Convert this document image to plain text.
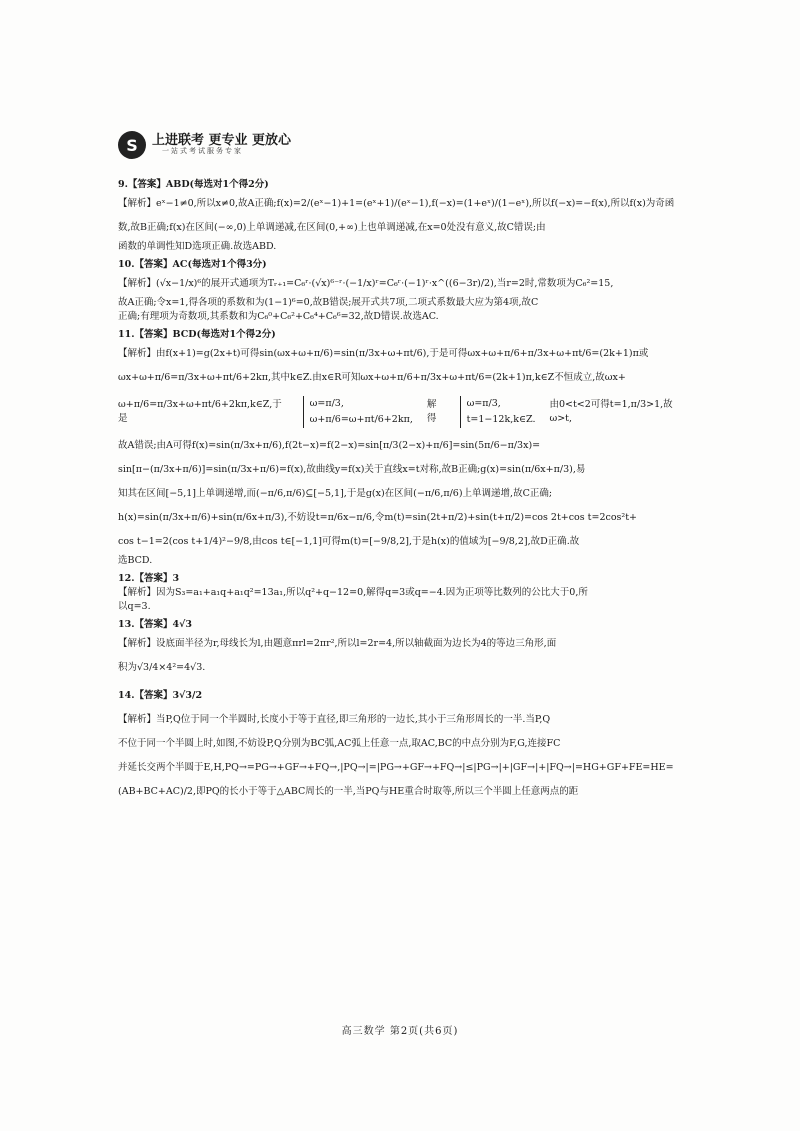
S	上进联考 更专业 更放心
一站式考试服务专家
9.【答案】ABD(每选对1个得2分)
【解析】eˣ−1≠0,所以x≠0,故A正确;f(x)=2/(eˣ−1)+1=(eˣ+1)/(eˣ−1),f(−x)=(1+eˣ)/(1−eˣ),所以f(−x)=−f(x),所以f(x)为奇函
数,故B正确;f(x)在区间(−∞,0)上单调递减,在区间(0,+∞)上也单调递减,在x=0处没有意义,故C错误;由
函数的单调性知D选项正确.故选ABD.
10.【答案】AC(每选对1个得3分)
【解析】(√x−1/x)⁶的展开式通项为Tᵣ₊₁=C₆ʳ·(√x)⁶⁻ʳ·(−1/x)ʳ=C₆ʳ·(−1)ʳ·x^((6−3r)/2),当r=2时,常数项为C₆²=15,
故A正确;令x=1,得各项的系数和为(1−1)⁶=0,故B错误;展开式共7项,二项式系数最大应为第4项,故C
正确;有理项为奇数项,其系数和为C₆⁰+C₆²+C₆⁴+C₆⁶=32,故D错误.故选AC.
11.【答案】BCD(每选对1个得2分)
【解析】由f(x+1)=g(2x+t)可得sin(ωx+ω+π/6)=sin(π/3x+ω+πt/6),于是可得ωx+ω+π/6+π/3x+ω+πt/6=(2k+1)π或
ωx+ω+π/6=π/3x+ω+πt/6+2kπ,其中k∈Z.由x∈R可知ωx+ω+π/6+π/3x+ω+πt/6=(2k+1)π,k∈Z不恒成立,故ωx+
ω+π/6=π/3x+ω+πt/6+2kπ,k∈Z,于是
ω=π/3,
ω+π/6=ω+πt/6+2kπ,
解得
ω=π/3,
t=1−12k,k∈Z.
由0<t<2可得t=1,π/3>1,故ω>t,
故A错误;由A可得f(x)=sin(π/3x+π/6),f(2t−x)=f(2−x)=sin[π/3(2−x)+π/6]=sin(5π/6−π/3x)=
sin[π−(π/3x+π/6)]=sin(π/3x+π/6)=f(x),故曲线y=f(x)关于直线x=t对称,故B正确;g(x)=sin(π/6x+π/3),易
知其在区间[−5,1]上单调递增,而(−π/6,π/6)⊆[−5,1],于是g(x)在区间(−π/6,π/6)上单调递增,故C正确;
h(x)=sin(π/3x+π/6)+sin(π/6x+π/3),不妨设t=π/6x−π/6,令m(t)=sin(2t+π/2)+sin(t+π/2)=cos 2t+cos t=2cos²t+
cos t−1=2(cos t+1/4)²−9/8,由cos t∈[−1,1]可得m(t)=[−9/8,2],于是h(x)的值域为[−9/8,2],故D正确.故
选BCD.
12.【答案】3
【解析】因为S₃=a₁+a₁q+a₁q²=13a₁,所以q²+q−12=0,解得q=3或q=−4.因为正项等比数列的公比大于0,所
以q=3.
13.【答案】4√3
【解析】设底面半径为r,母线长为l,由题意πrl=2πr²,所以l=2r=4,所以轴截面为边长为4的等边三角形,面
积为√3/4×4²=4√3.
14.【答案】3√3/2
【解析】当P,Q位于同一个半圆时,长度小于等于直径,即三角形的一边长,其小于三角形周长的一半.当P,Q
不位于同一个半圆上时,如图,不妨设P,Q分别为BC弧,AC弧上任意一点,取AC,BC的中点分别为F,G,连接FC
并延长交两个半圆于E,H,PQ→=PG→+GF→+FQ→,|PQ→|=|PG→+GF→+FQ→|≤|PG→|+|GF→|+|FQ→|=HG+GF+FE=HE=
(AB+BC+AC)/2,即PQ的长小于等于△ABC周长的一半,当PQ与HE重合时取等,所以三个半圆上任意两点的距
高三数学 第2页(共6页)
